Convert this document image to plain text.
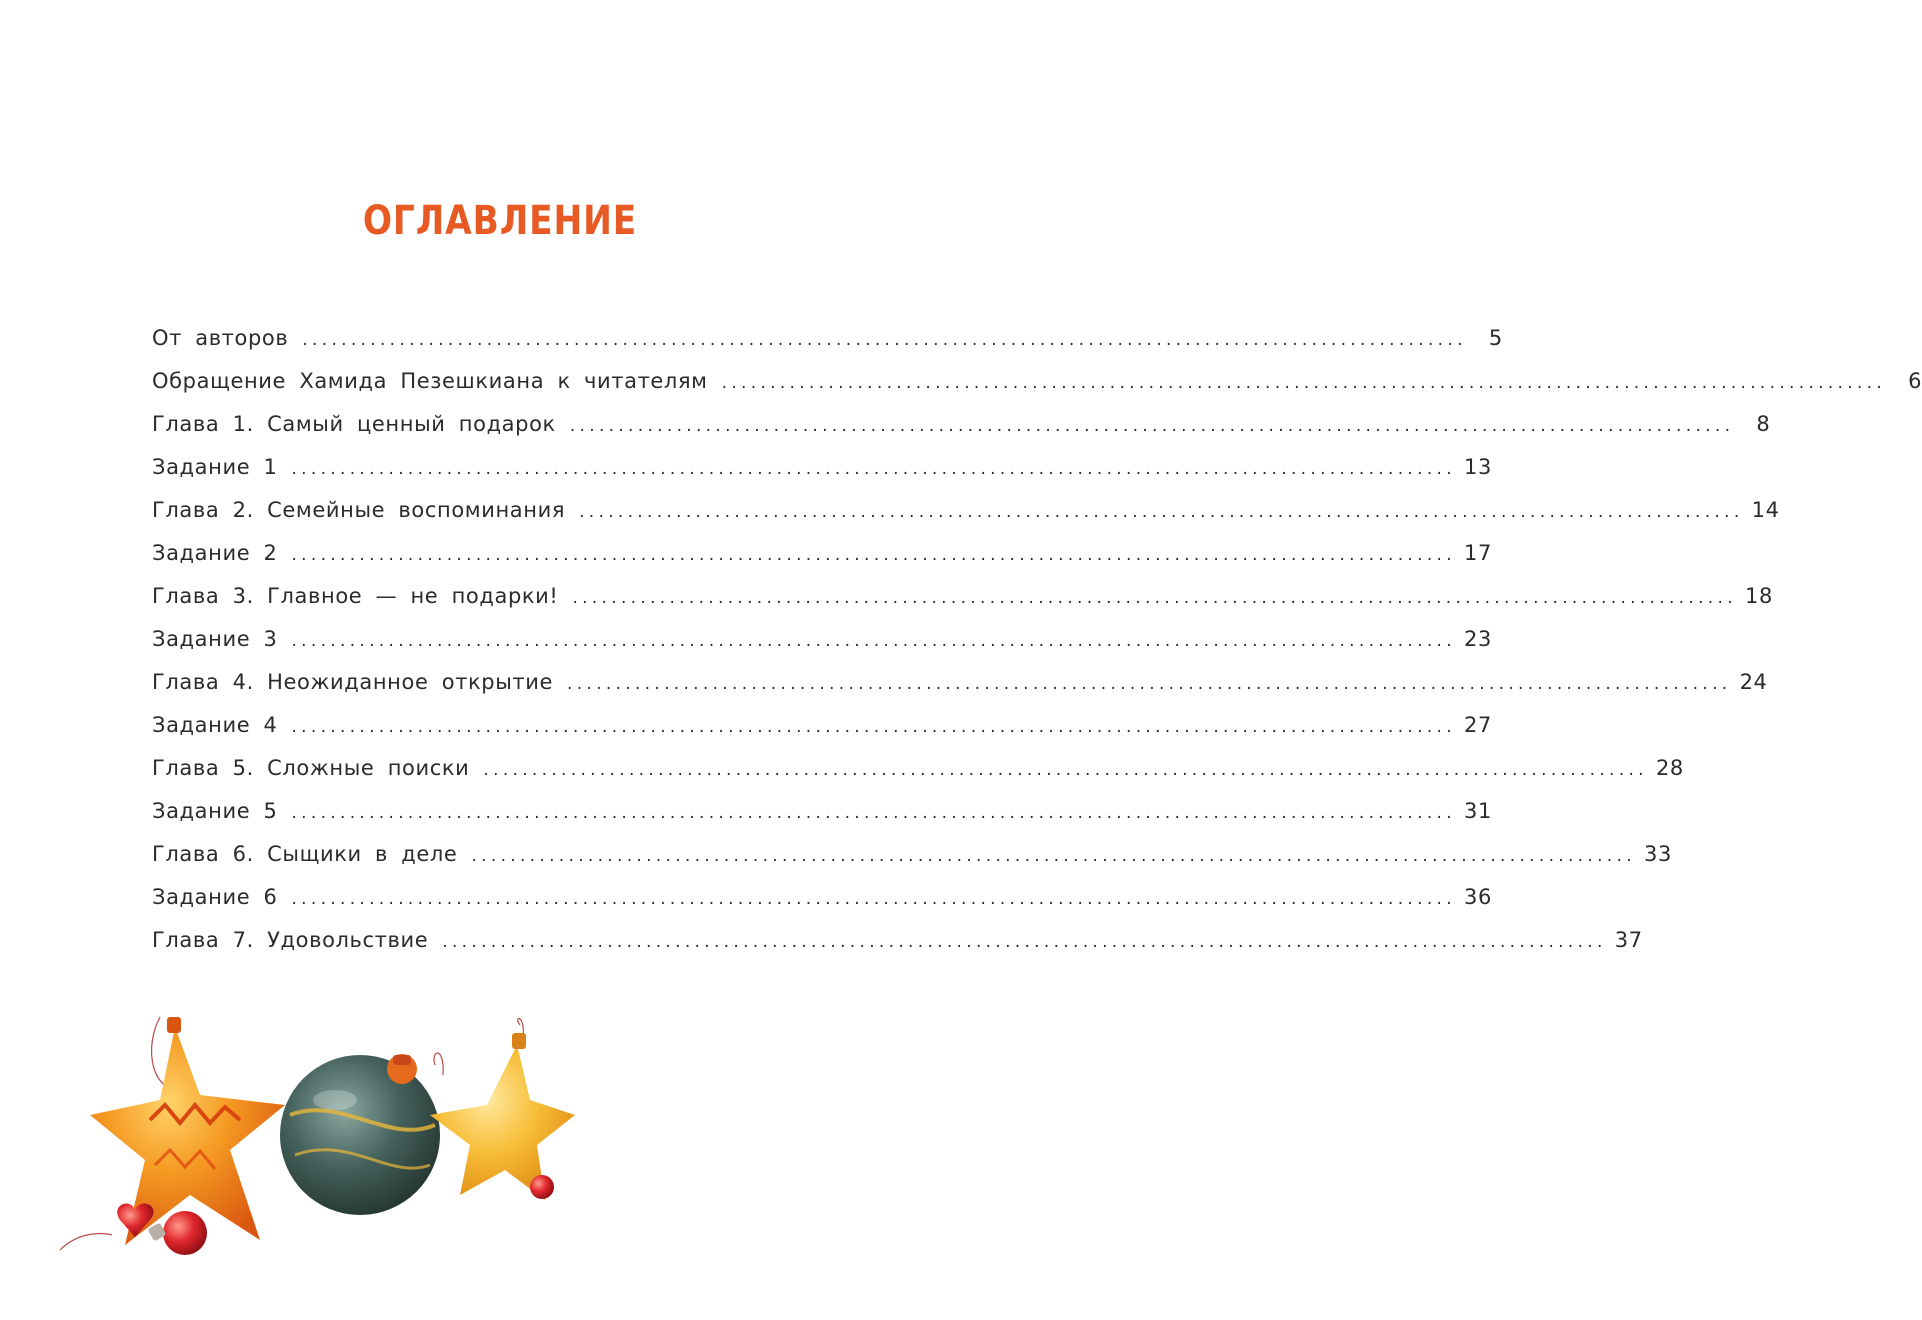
ОГЛАВЛЕНИЕ
От авторов ........................................................................................................................	5
Обращение Хамида Пезешкиана к читателям ........................................................................................................................	6
Глава 1. Самый ценный подарок ........................................................................................................................	8
Задание 1 ........................................................................................................................ 13
Глава 2. Семейные воспоминания ........................................................................................................................ 14
Задание 2 ........................................................................................................................ 17
Глава 3. Главное — не подарки! ........................................................................................................................ 18
Задание 3 ........................................................................................................................ 23
Глава 4. Неожиданное открытие ........................................................................................................................ 24
Задание 4 ........................................................................................................................ 27
Глава 5. Сложные поиски ........................................................................................................................ 28
Задание 5 ........................................................................................................................ 31
Глава 6. Сыщики в деле ........................................................................................................................ 33
Задание 6 ........................................................................................................................ 36
Глава 7. Удовольствие ........................................................................................................................ 37
